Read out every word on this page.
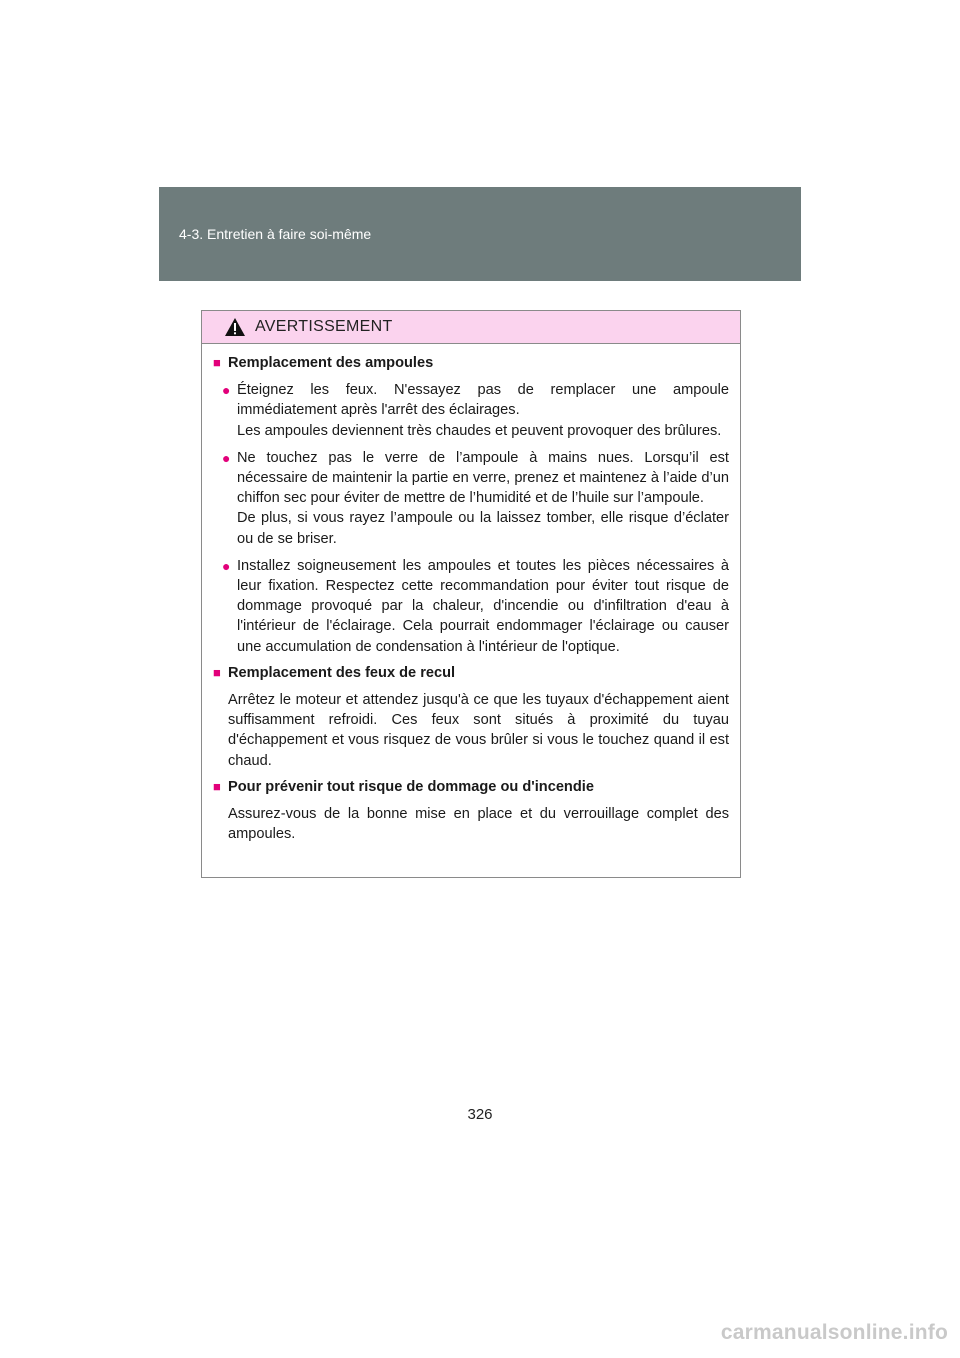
4-3. Entretien à faire soi-même
AVERTISSEMENT
■ Remplacement des ampoules
● Éteignez les feux. N'essayez pas de remplacer une ampoule immédiatement après l'arrêt des éclairages.
Les ampoules deviennent très chaudes et peuvent provoquer des brûlures.
● Ne touchez pas le verre de l’ampoule à mains nues. Lorsqu’il est nécessaire de maintenir la partie en verre, prenez et maintenez à l’aide d’un chiffon sec pour éviter de mettre de l’humidité et de l’huile sur l’ampoule.
De plus, si vous rayez l’ampoule ou la laissez tomber, elle risque d’éclater ou de se briser.
● Installez soigneusement les ampoules et toutes les pièces nécessaires à leur fixation. Respectez cette recommandation pour éviter tout risque de dommage provoqué par la chaleur, d'incendie ou d'infiltration d'eau à l'intérieur de l'éclairage. Cela pourrait endommager l'éclairage ou causer une accumulation de condensation à l'intérieur de l'optique.
■ Remplacement des feux de recul
Arrêtez le moteur et attendez jusqu'à ce que les tuyaux d'échappement aient suffisamment refroidi. Ces feux sont situés à proximité du tuyau d'échappement et vous risquez de vous brûler si vous le touchez quand il est chaud.
■ Pour prévenir tout risque de dommage ou d'incendie
Assurez-vous de la bonne mise en place et du verrouillage complet des ampoules.
326
carmanualsonline.info
